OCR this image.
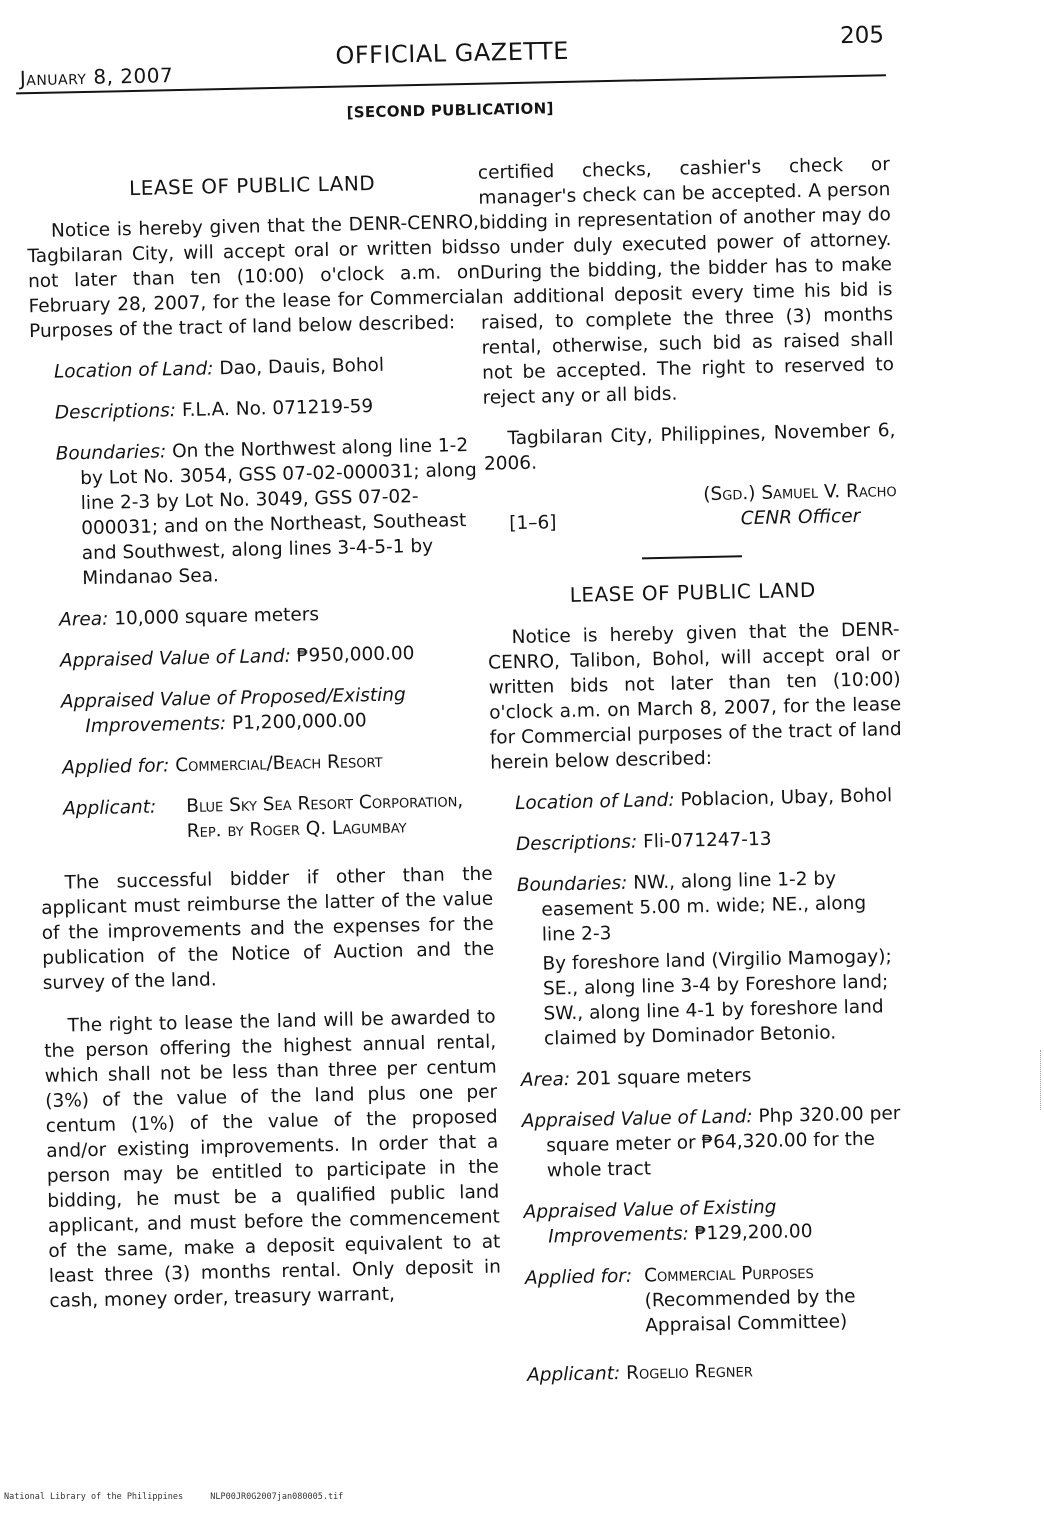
January 8, 2007
OFFICIAL GAZETTE
205
[SECOND PUBLICATION]

LEASE OF PUBLIC LAND

Notice is hereby given that the DENR-CENRO, Tagbilaran City, will accept oral or written bids not later than ten (10:00) o'clock a.m. on February 28, 2007, for the lease for Commercial Purposes of the tract of land below described:

Location of Land: Dao, Dauis, Bohol

Descriptions: F.L.A. No. 071219-59

Boundaries: On the Northwest along line 1-2 by Lot No. 3054, GSS 07-02-000031; along line 2-3 by Lot No. 3049, GSS 07-02-000031; and on the Northeast, Southeast and Southwest, along lines 3-4-5-1 by Mindanao Sea.

Area: 10,000 square meters

Appraised Value of Land: ₱950,000.00

Appraised Value of Proposed/Existing Improvements: P1,200,000.00

Applied for: Commercial/Beach Resort

Applicant: Blue Sky Sea Resort Corporation, Rep. by Roger Q. Lagumbay

The successful bidder if other than the applicant must reimburse the latter of the value of the improvements and the expenses for the publication of the Notice of Auction and the survey of the land.

The right to lease the land will be awarded to the person offering the highest annual rental, which shall not be less than three per centum (3%) of the value of the land plus one per centum (1%) of the value of the proposed and/or existing improvements. In order that a person may be entitled to participate in the bidding, he must be a qualified public land applicant, and must before the commencement of the same, make a deposit equivalent to at least three (3) months rental. Only deposit in cash, money order, treasury warrant,

certified checks, cashier's check or manager's check can be accepted. A person bidding in representation of another may do so under duly executed power of attorney. During the bidding, the bidder has to make an additional deposit every time his bid is raised, to complete the three (3) months rental, otherwise, such bid as raised shall not be accepted. The right to reserved to reject any or all bids.

Tagbilaran City, Philippines, November 6, 2006.

[1–6]
(Sgd.) Samuel V. Racho
CENR Officer

LEASE OF PUBLIC LAND

Notice is hereby given that the DENR-CENRO, Talibon, Bohol, will accept oral or written bids not later than ten (10:00) o'clock a.m. on March 8, 2007, for the lease for Commercial purposes of the tract of land herein below described:

Location of Land: Poblacion, Ubay, Bohol

Descriptions: Fli-071247-13

Boundaries: NW., along line 1-2 by easement 5.00 m. wide; NE., along line 2-3

By foreshore land (Virgilio Mamogay); SE., along line 3-4 by Foreshore land; SW., along line 4-1 by foreshore land claimed by Dominador Betonio.

Area: 201 square meters

Appraised Value of Land: Php 320.00 per square meter or ₱64,320.00 for the whole tract

Appraised Value of Existing Improvements: ₱129,200.00

Applied for: Commercial Purposes
(Recommended by the Appraisal Committee)

Applicant: Rogelio Regner

National Library of the Philippines	NLP00JR0G2007jan080005.tif
